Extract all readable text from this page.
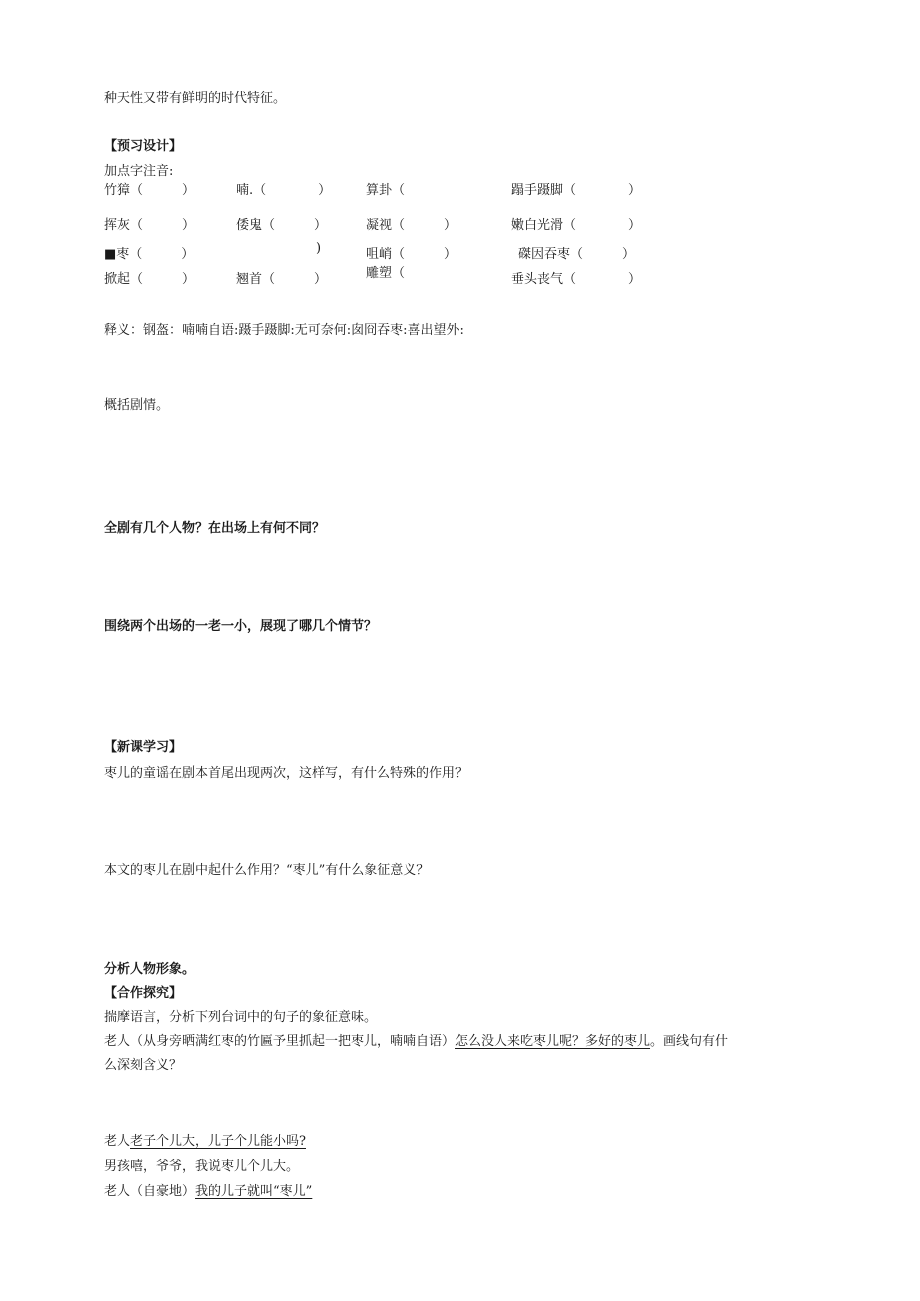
种天性又带有鲜明的时代特征。
【预习设计】
加点字注音:
竹獐（　　　）	喃.（　　　　）	算卦（	蹋手蹑脚（　　　　）
挥灰（　　　）	倭鬼（　　　）	凝视（　　　）	嫩白光滑（　　　　）
■枣（　　　）	)	咀峭（　　　）	磔因吞枣（　　　）
掀起（　　　）	翘首（　　　）	雕塑（	垂头丧气（　　　　）
释义：钢盔：喃喃自语:蹑手蹑脚:无可奈何:囱冏吞枣:喜出望外:
概括剧情。
全剧有几个人物？在出场上有何不同？
围绕两个出场的一老一小，展现了哪几个情节？
【新课学习】
枣儿的童谣在剧本首尾出现两次，这样写，有什么特殊的作用？
本文的枣儿在剧中起什么作用？“枣儿”有什么象征意义？
分析人物形象。
【合作探究】
揣摩语言，分析下列台词中的句子的象征意味。
老人（从身旁晒满红枣的竹匾予里抓起一把枣儿，喃喃自语）怎么没人来吃枣儿呢？多好的枣儿。画线句有什
么深刻含义？
老人老子个儿大，儿子个儿能小吗?
男孩嘻，爷爷，我说枣儿个儿大。
老人（自豪地）我的儿子就叫“枣儿”
